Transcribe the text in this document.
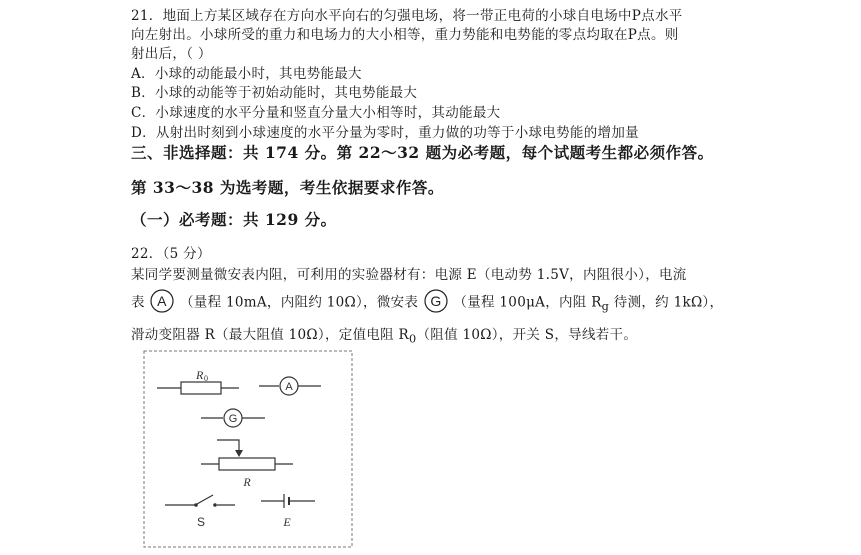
21．地面上方某区域存在方向水平向右的匀强电场，将一带正电荷的小球自电场中P点水平
向左射出。小球所受的重力和电场力的大小相等，重力势能和电势能的零点均取在P点。则
射出后，（ ）
A．小球的动能最小时，其电势能最大
B．小球的动能等于初始动能时，其电势能最大
C．小球速度的水平分量和竖直分量大小相等时，其动能最大
D．从射出时刻到小球速度的水平分量为零时，重力做的功等于小球电势能的增加量
三、非选择题：共 174 分。第 22～32 题为必考题，每个试题考生都必须作答。
第 33～38 为选考题，考生依据要求作答。
（一）必考题：共 129 分。
22．（5 分）
某同学要测量微安表内阻，可利用的实验器材有：电源 E（电动势 1.5V，内阻很小），电流
表 A （量程 10mA，内阻约 10Ω），微安表 G （量程 100μA，内阻 $R_g$ 待测，约 1kΩ），
滑动变阻器 R（最大阻值 10Ω），定值电阻 $R_0$（阻值 10Ω），开关 S，导线若干。
R 0
A
G
R
S	E
